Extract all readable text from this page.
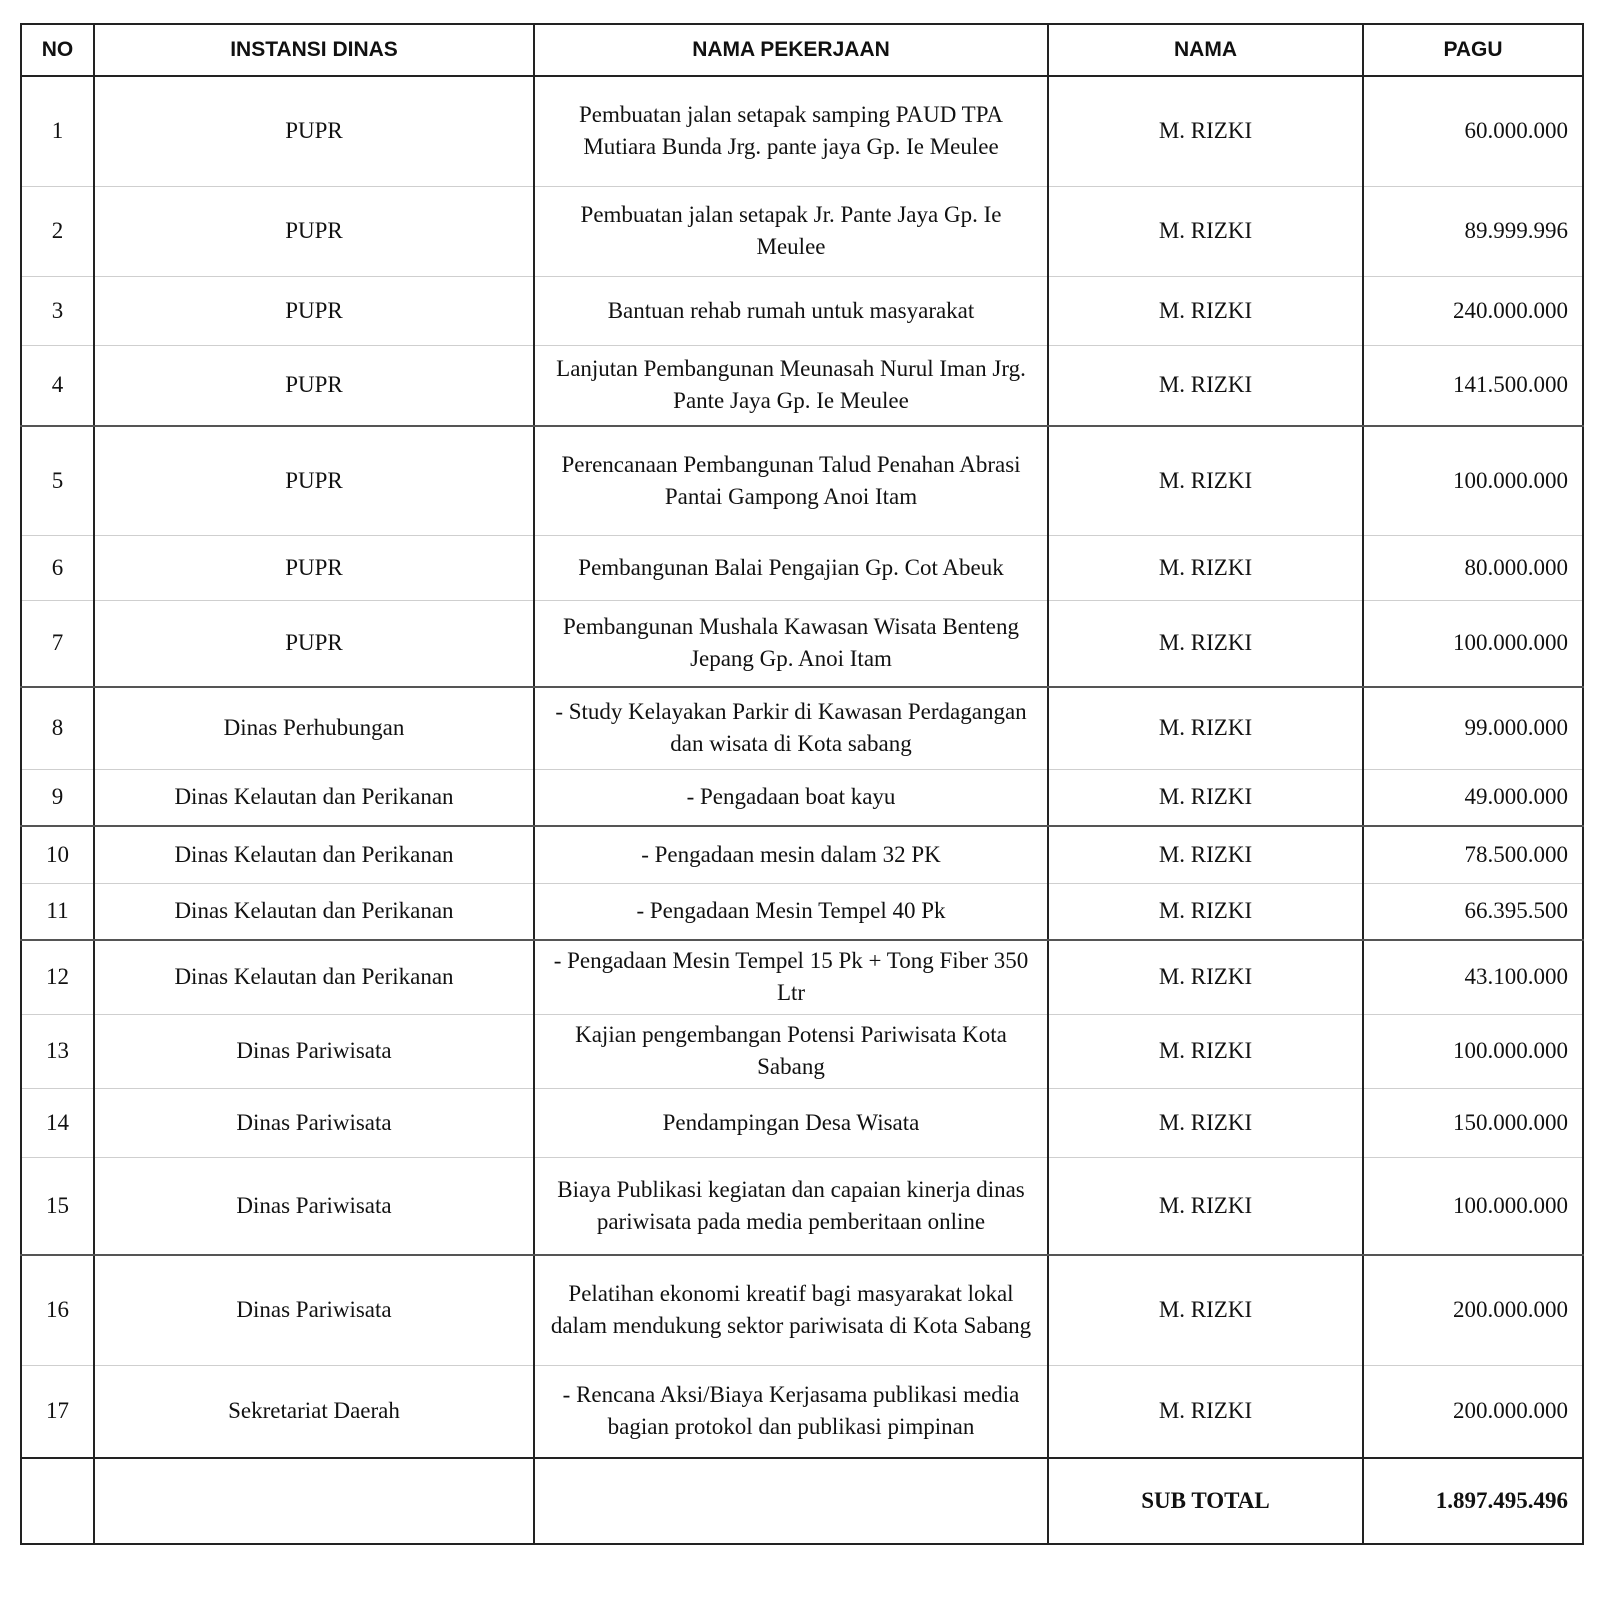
NO	INSTANSI DINAS	NAMA PEKERJAAN	NAMA	PAGU
1	PUPR	Pembuatan jalan setapak samping PAUD TPA Mutiara Bunda Jrg. pante jaya Gp. Ie Meulee	M. RIZKI	60.000.000
2	PUPR	Pembuatan jalan setapak Jr. Pante Jaya Gp. Ie Meulee	M. RIZKI	89.999.996
3	PUPR	Bantuan rehab rumah untuk masyarakat	M. RIZKI	240.000.000
4	PUPR	Lanjutan Pembangunan Meunasah Nurul Iman Jrg. Pante Jaya Gp. Ie Meulee	M. RIZKI	141.500.000
5	PUPR	Perencanaan Pembangunan Talud Penahan Abrasi Pantai Gampong Anoi Itam	M. RIZKI	100.000.000
6	PUPR	Pembangunan Balai Pengajian Gp. Cot Abeuk	M. RIZKI	80.000.000
7	PUPR	Pembangunan Mushala Kawasan Wisata Benteng Jepang Gp. Anoi Itam	M. RIZKI	100.000.000
8	Dinas Perhubungan	- Study Kelayakan Parkir di Kawasan Perdagangan dan wisata di Kota sabang	M. RIZKI	99.000.000
9	Dinas Kelautan dan Perikanan	- Pengadaan boat kayu	M. RIZKI	49.000.000
10	Dinas Kelautan dan Perikanan	- Pengadaan mesin dalam 32 PK	M. RIZKI	78.500.000
11	Dinas Kelautan dan Perikanan	- Pengadaan Mesin Tempel 40 Pk	M. RIZKI	66.395.500
12	Dinas Kelautan dan Perikanan	- Pengadaan Mesin Tempel 15 Pk + Tong Fiber 350 Ltr	M. RIZKI	43.100.000
13	Dinas Pariwisata	Kajian pengembangan Potensi Pariwisata Kota Sabang	M. RIZKI	100.000.000
14	Dinas Pariwisata	Pendampingan Desa Wisata	M. RIZKI	150.000.000
15	Dinas Pariwisata	Biaya Publikasi kegiatan dan capaian kinerja dinas pariwisata pada media pemberitaan online	M. RIZKI	100.000.000
16	Dinas Pariwisata	Pelatihan ekonomi kreatif bagi masyarakat lokal dalam mendukung sektor pariwisata di Kota Sabang	M. RIZKI	200.000.000
17	Sekretariat Daerah	- Rencana Aksi/Biaya Kerjasama publikasi media bagian protokol dan publikasi pimpinan	M. RIZKI	200.000.000
			SUB TOTAL	1.897.495.496
